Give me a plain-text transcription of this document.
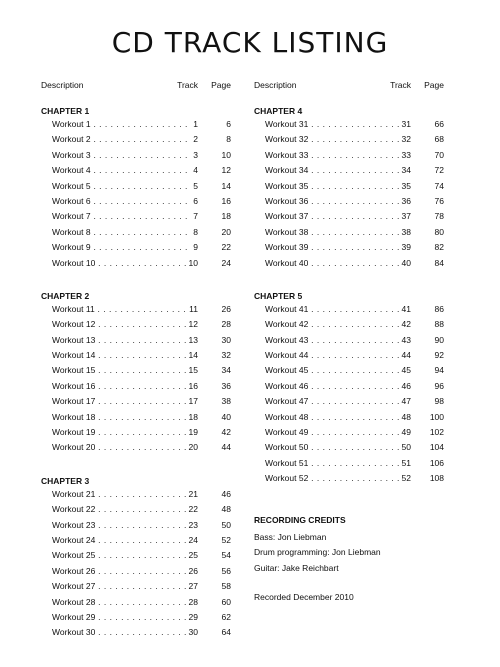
CD TRACK LISTING
Description	Track Page
CHAPTER 1
Workout 1 . . .	1	6
Workout 2 . . .	2	8
Workout 3 . . .	3	10
Workout 4 . . .	4	12
Workout 5 . . .	5	14
Workout 6 . . .	6	16
Workout 7 . . .	7	18
Workout 8 . . .	8	20
Workout 9 . . .	9	22
Workout 10 . . .	10	24
CHAPTER 2
Workout 11 . . .	11	26
Workout 12 . . .	12	28
Workout 13 . . .	13	30
Workout 14 . . .	14	32
Workout 15 . . .	15	34
Workout 16 . . .	16	36
Workout 17 . . .	17	38
Workout 18 . . .	18	40
Workout 19 . . .	19	42
Workout 20 . . .	20	44
CHAPTER 3
Workout 21 . . .	21	46
Workout 22 . . .	22	48
Workout 23 . . .	23	50
Workout 24 . . .	24	52
Workout 25 . . .	25	54
Workout 26 . . .	26	56
Workout 27 . . .	27	58
Workout 28 . . .	28	60
Workout 29 . . .	29	62
Workout 30 . . .	30	64
Description	Track Page
CHAPTER 4
Workout 31 . . .	31	66
Workout 32 . . .	32	68
Workout 33 . . .	33	70
Workout 34 . . .	34	72
Workout 35 . . .	35	74
Workout 36 . . .	36	76
Workout 37 . . .	37	78
Workout 38 . . .	38	80
Workout 39 . . .	39	82
Workout 40 . . .	40	84
CHAPTER 5
Workout 41 . . .	41	86
Workout 42 . . .	42	88
Workout 43 . . .	43	90
Workout 44 . . .	44	92
Workout 45 . . .	45	94
Workout 46 . . .	46	96
Workout 47 . . .	47	98
Workout 48 . . .	48 100
Workout 49 . . .	49 102
Workout 50 . . .	50 104
Workout 51 . . .	51 106
Workout 52 . . .	52 108
RECORDING CREDITS
Bass: Jon Liebman
Drum programming: Jon Liebman
Guitar: Jake Reichbart
Recorded December 2010
